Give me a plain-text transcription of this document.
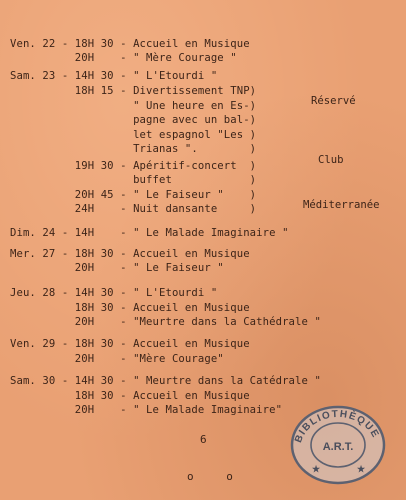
Ven. 22 - 18H 30 - Accueil en Musique
20H    - " Mère Courage "
Sam. 23 - 14H 30 - " L'Etourdi "
18H 15 - Divertissement TNP)
" Une heure en Es-)
pagne avec un bal-)
let espagnol "Les )
Trianas ".        )
19H 30 - Apéritif-concert  )
buffet            )
20H 45 - " Le Faiseur "    )
24H    - Nuit dansante     )
Dim. 24 - 14H    - " Le Malade Imaginaire "
Mer. 27 - 18H 30 - Accueil en Musique
20H    - " Le Faiseur "
Jeu. 28 - 14H 30 - " L'Etourdi "
18H 30 - Accueil en Musique
20H    - "Meurtre dans la Cathédrale "
Ven. 29 - 18H 30 - Accueil en Musique
20H    - "Mère Courage"
Sam. 30 - 14H 30 - " Meurtre dans la Catédrale "
18H 30 - Accueil en Musique
20H    - " Le Malade Imaginaire"
Réservé
Club
Méditerranée
6
o o
BIBLIOTHÈQUE
A.R.T.
★	★
